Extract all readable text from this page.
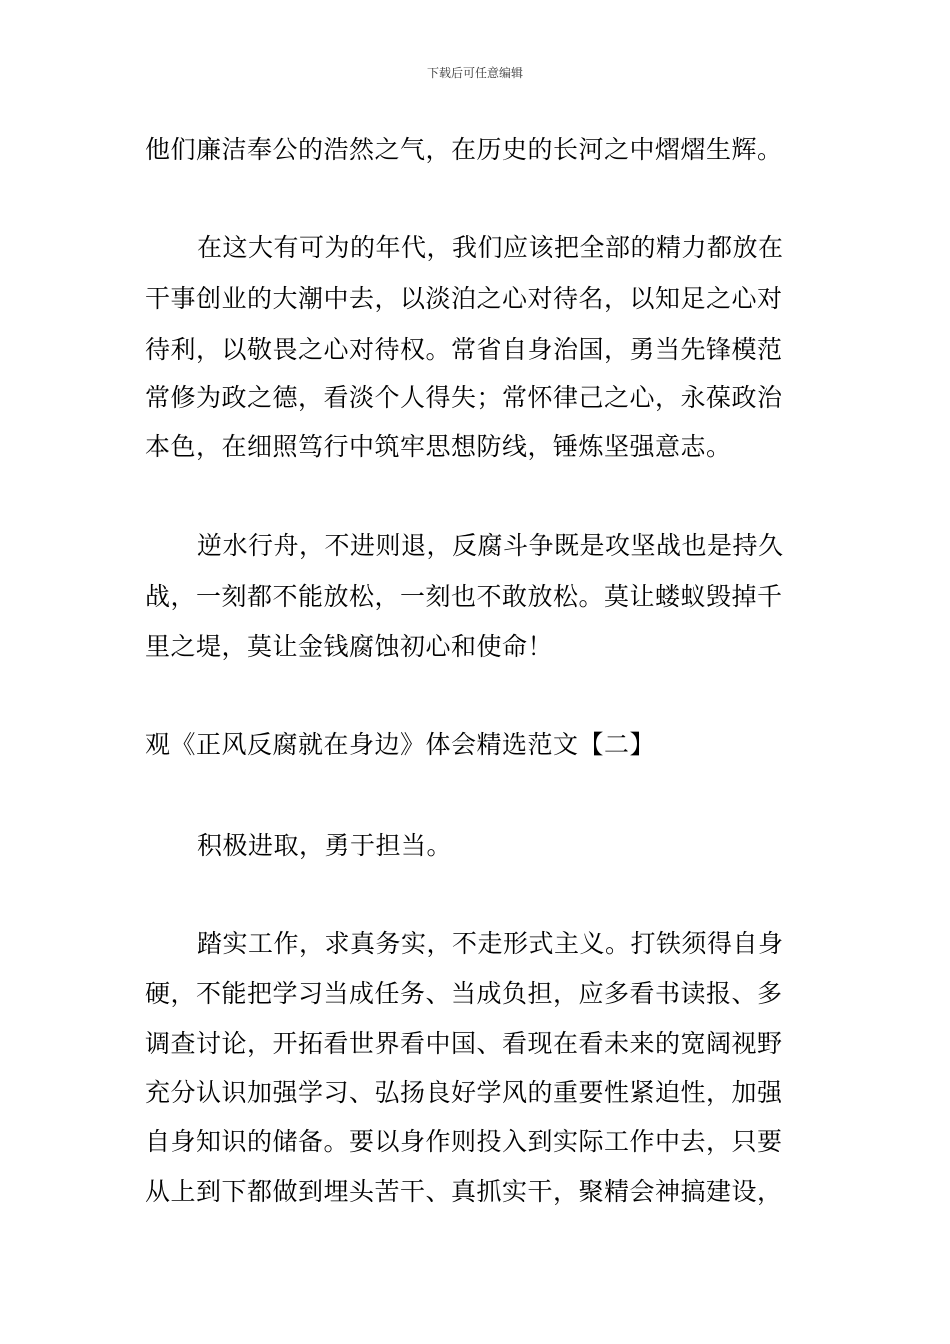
下载后可任意编辑
他们廉洁奉公的浩然之气，在历史的长河之中熠熠生辉。
在这大有可为的年代，我们应该把全部的精力都放在
干事创业的大潮中去，以淡泊之心对待名，以知足之心对
待利，以敬畏之心对待权。常省自身治国，勇当先锋模范
常修为政之德，看淡个人得失；常怀律己之心，永葆政治
本色，在细照笃行中筑牢思想防线，锤炼坚强意志。
逆水行舟，不进则退，反腐斗争既是攻坚战也是持久
战，一刻都不能放松，一刻也不敢放松。莫让蝼蚁毁掉千
里之堤，莫让金钱腐蚀初心和使命！
观《正风反腐就在身边》体会精选范文【二】
积极进取，勇于担当。
踏实工作，求真务实，不走形式主义。打铁须得自身
硬，不能把学习当成任务、当成负担，应多看书读报、多
调查讨论，开拓看世界看中国、看现在看未来的宽阔视野
充分认识加强学习、弘扬良好学风的重要性紧迫性，加强
自身知识的储备。要以身作则投入到实际工作中去，只要
从上到下都做到埋头苦干、真抓实干，聚精会神搞建设，
